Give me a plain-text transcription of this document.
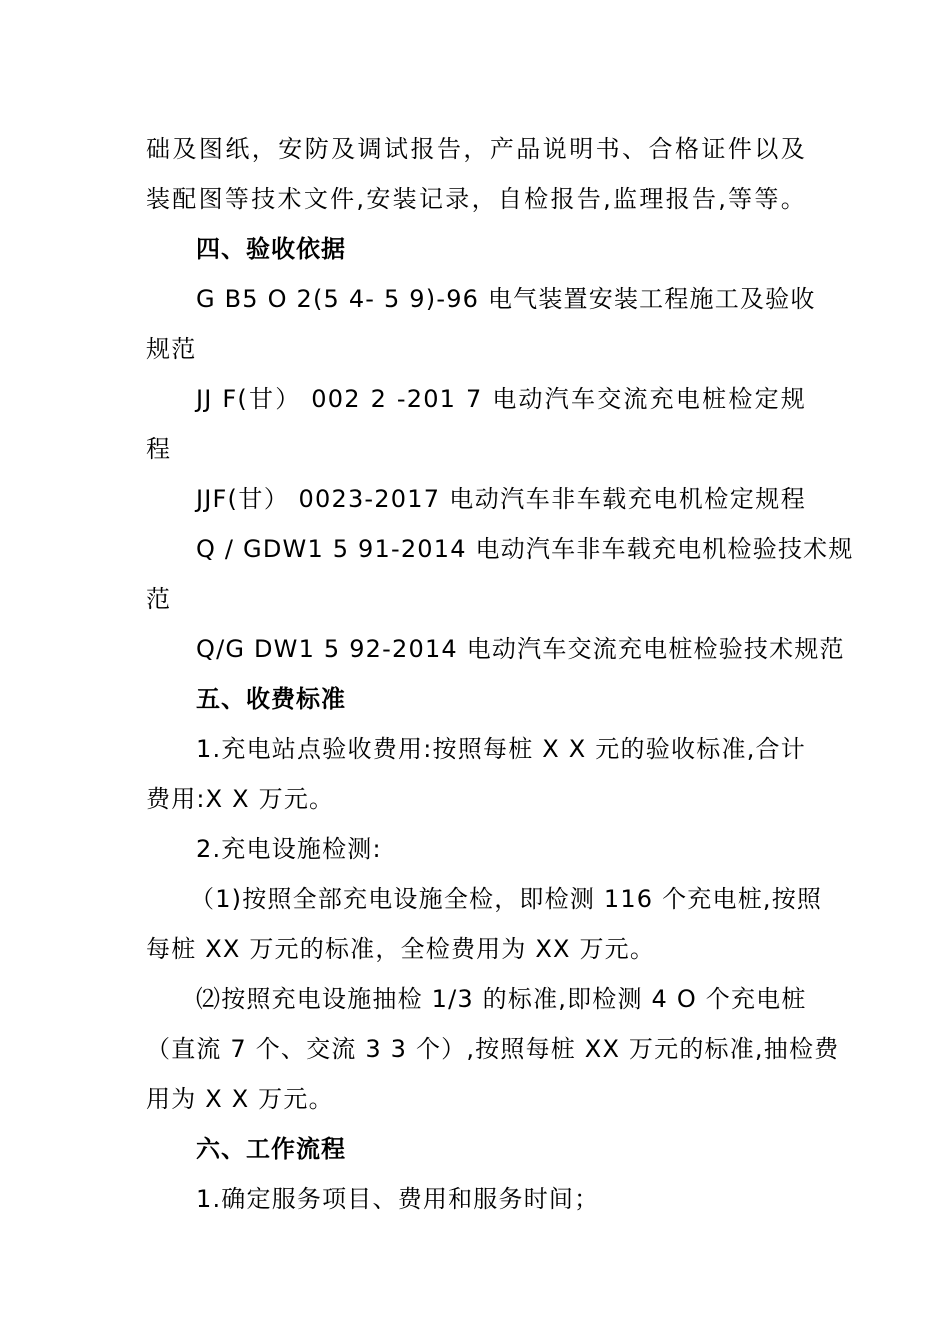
础及图纸，安防及调试报告，产品说明书、合格证件以及
装配图等技术文件,安装记录，自检报告,监理报告,等等。
四、验收依据
G B5 O 2(5 4- 5 9)-96 电气装置安装工程施工及验收
规范
JJ F(甘） 002 2 -201 7 电动汽车交流充电桩检定规
程
JJF(甘） 0023-2017 电动汽车非车载充电机检定规程
Q / GDW1 5 91-2014 电动汽车非车载充电机检验技术规
范
Q/G DW1 5 92-2014 电动汽车交流充电桩检验技术规范
五、收费标准
1.充电站点验收费用:按照每桩 X X 元的验收标准,合计
费用:X X 万元。
2.充电设施检测:
（1)按照全部充电设施全检，即检测 116 个充电桩,按照
每桩 XX 万元的标准，全检费用为 XX 万元。
⑵按照充电设施抽检 1/3 的标准,即检测 4 O 个充电桩
（直流 7 个、交流 3 3 个）,按照每桩 XX 万元的标准,抽检费
用为 X X 万元。
六、工作流程
1.确定服务项目、费用和服务时间；
